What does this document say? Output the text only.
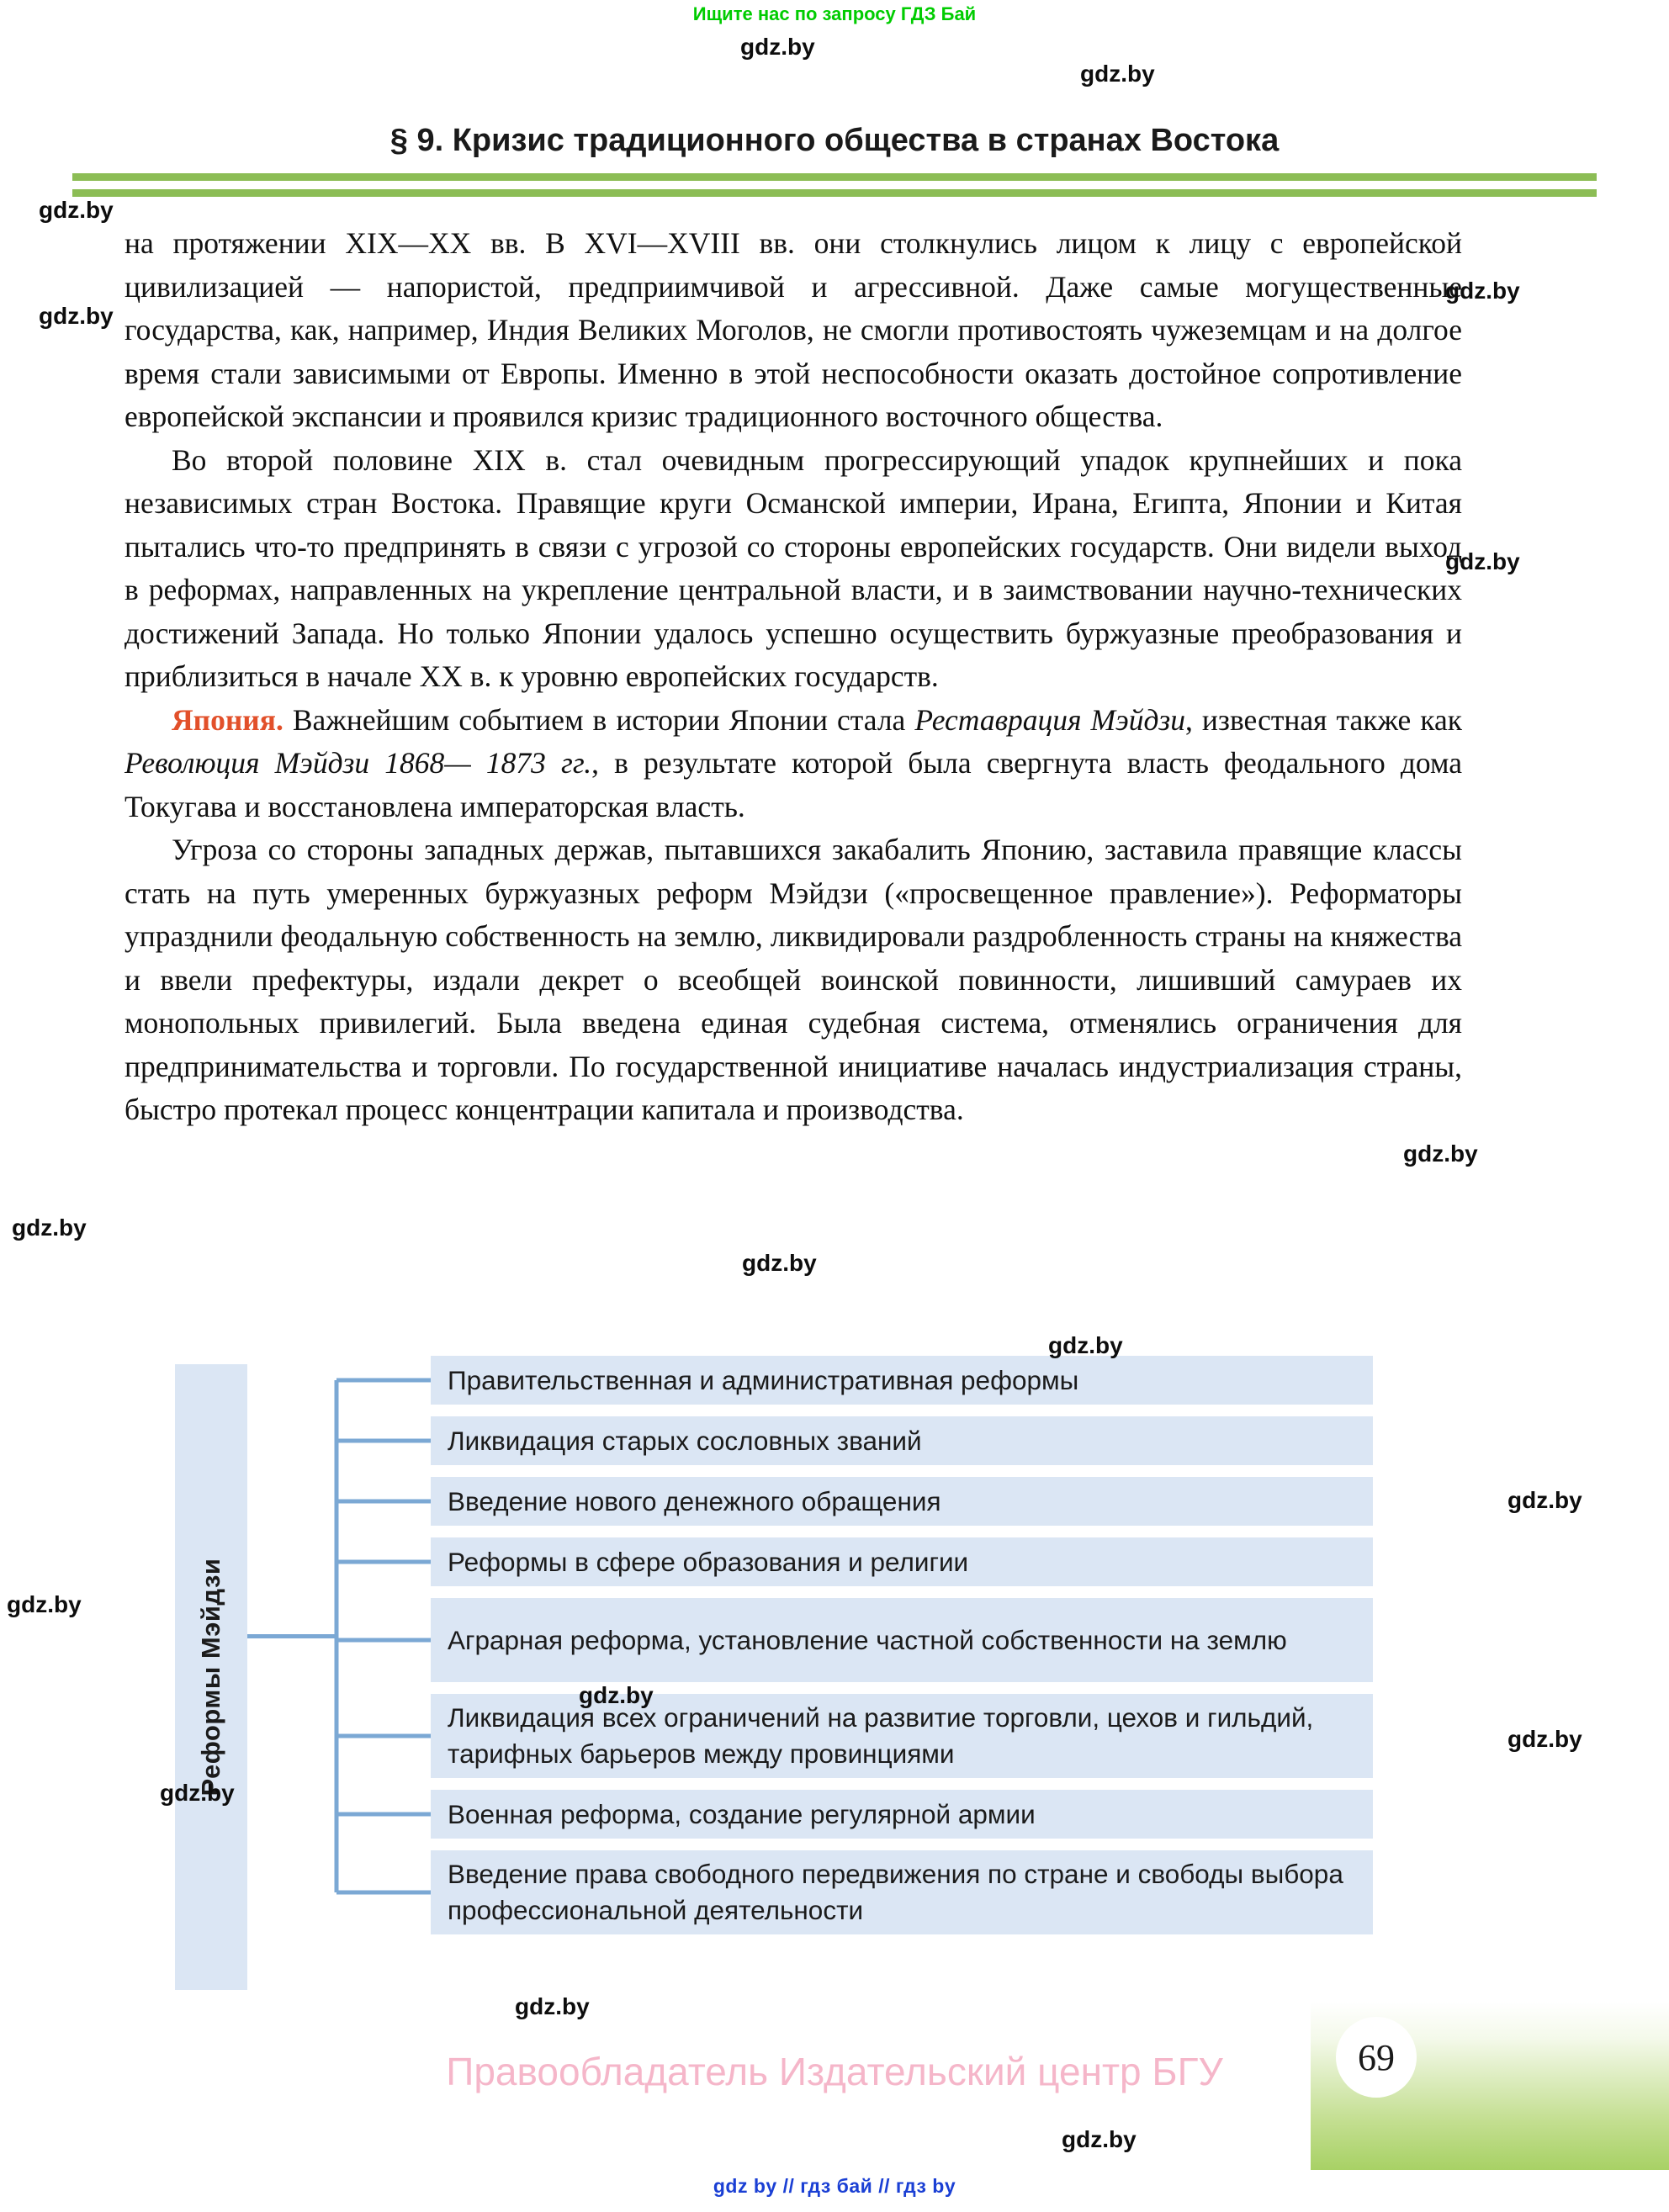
Ищите нас по запросу ГДЗ Бай
gdz.by
gdz.by
gdz.by
gdz.by
gdz.by
gdz.by
gdz.by
gdz.by
gdz.by
gdz.by
gdz.by
gdz.by
gdz.by
gdz.by
gdz.by
gdz.by
gdz.by
§ 9. Кризис традиционного общества в странах Востока

на протяжении XIX—XX вв. В XVI—XVIII вв. они столкнулись лицом к лицу с европейской цивилизацией — напористой, предприимчивой и агрессивной. Даже самые могущественные государства, как, например, Индия Великих Моголов, не смогли противостоять чужеземцам и на долгое время стали зависимыми от Европы. Именно в этой неспособности оказать достойное сопротивление европейской экспансии и проявился кризис традиционного восточного общества.

Во второй половине XIX в. стал очевидным прогрессирующий упадок крупнейших и пока независимых стран Востока. Правящие круги Османской империи, Ирана, Египта, Японии и Китая пытались что-то предпринять в связи с угрозой со стороны европейских государств. Они видели выход в реформах, направленных на укрепление центральной власти, и в заимствовании научно-технических достижений Запада. Но только Японии удалось успешно осуществить буржуазные преобразования и приблизиться в начале XX в. к уровню европейских государств.

Япония. Важнейшим событием в истории Японии стала Реставрация Мэйдзи, известная также как Революция Мэйдзи 1868— 1873 гг., в результате которой была свергнута власть феодального дома Токугава и восстановлена императорская власть.

Угроза со стороны западных держав, пытавшихся закабалить Японию, заставила правящие классы стать на путь умеренных буржуазных реформ Мэйдзи («просвещенное правление»). Реформаторы упразднили феодальную собственность на землю, ликвидировали раздробленность страны на княжества и ввели префектуры, издали декрет о всеобщей воинской повинности, лишивший самураев их монопольных привилегий. Была введена единая судебная система, отменялись ограничения для предпринимательства и торговли. По государственной инициативе началась индустриализация страны, быстро протекал процесс концентрации капитала и производства.

Реформы Мэйдзи
Правительственная и административная реформы
Ликвидация старых сословных званий
Введение нового денежного обращения
Реформы в сфере образования и религии
Аграрная реформа, установление частной собственности на землю
Ликвидация всех ограничений на развитие торговли, цехов и гильдий, тарифных барьеров между провинциями
Военная реформа, создание регулярной армии
Введение права свободного передвижения по стране и свободы выбора профессиональной деятельности
Правообладатель Издательский центр БГУ	69
gdz by // гдз бай // гдз by
